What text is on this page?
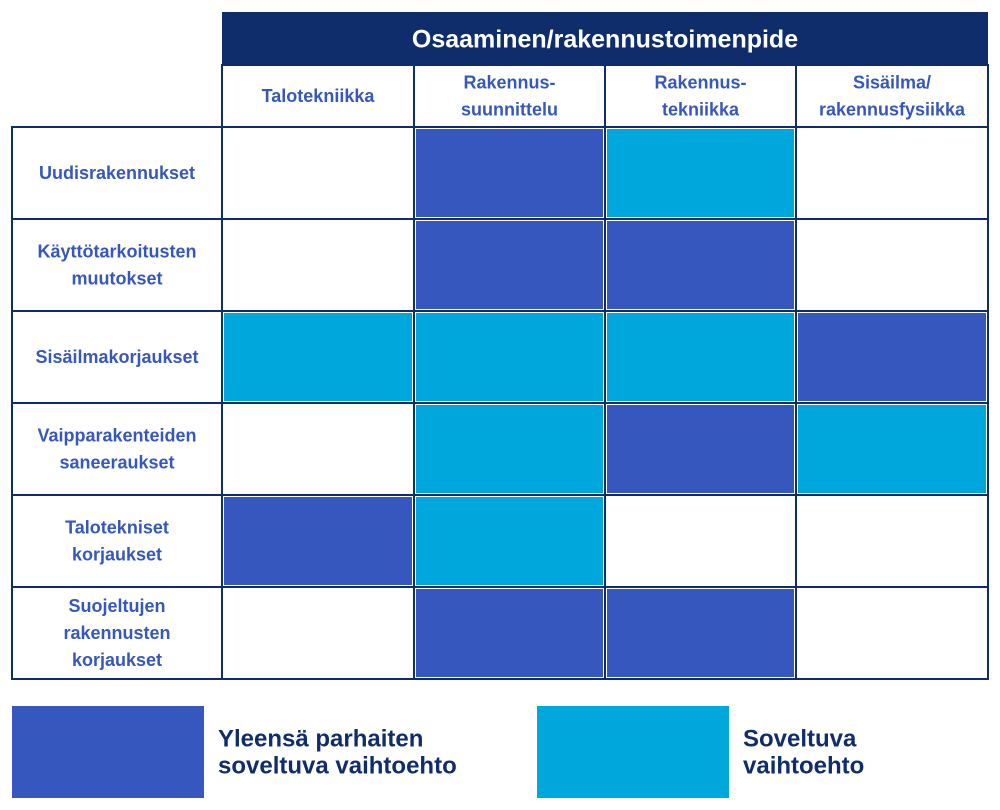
Osaaminen/rakennustoimenpide
Talotekniikka
Rakennus-suunnittelu
Rakennus-tekniikka
Sisäilma/ rakennusfysiikka
Uudisrakennukset
Käyttötarkoitusten muutokset
Sisäilmakorjaukset
Vaipparakenteiden saneeraukset
Talotekniset korjaukset
Suojeltujen rakennusten korjaukset
Yleensä parhaiten soveltuva vaihtoehto
Soveltuva vaihtoehto
